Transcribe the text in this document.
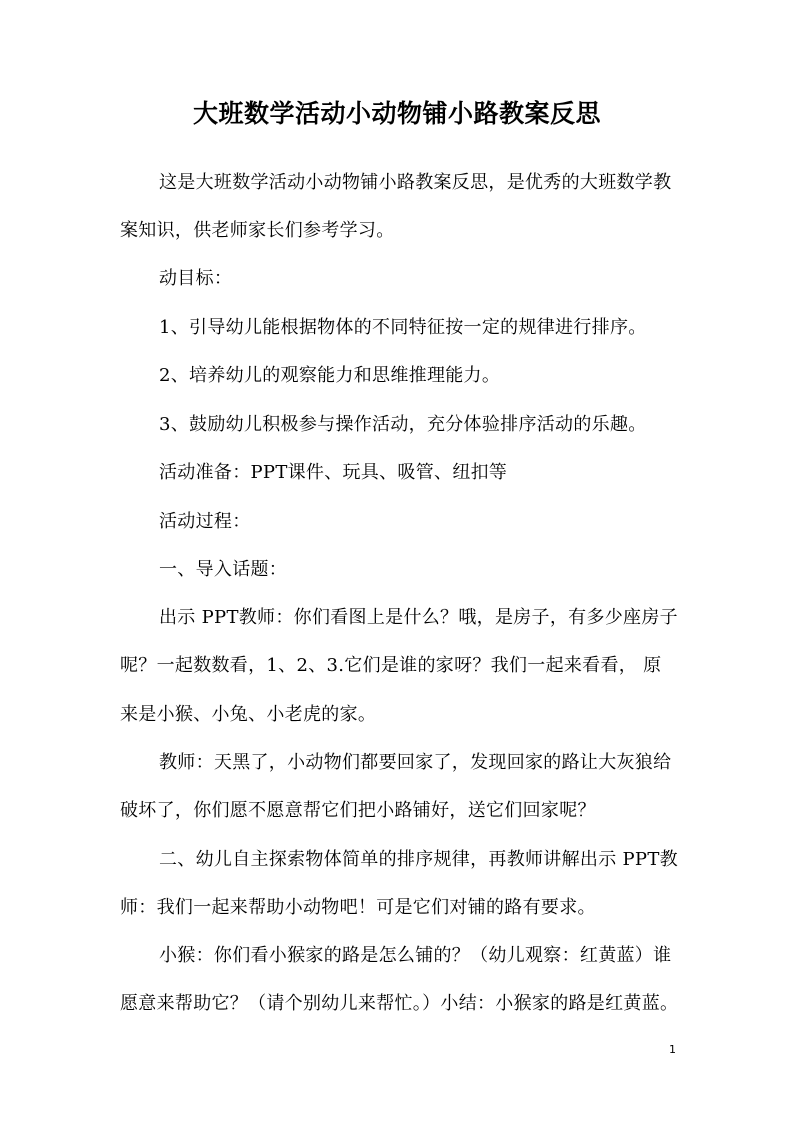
大班数学活动小动物铺小路教案反思
这是大班数学活动小动物铺小路教案反思，是优秀的大班数学教
案知识，供老师家长们参考学习。
动目标：
1、引导幼儿能根据物体的不同特征按一定的规律进行排序。
2、培养幼儿的观察能力和思维推理能力。
3、鼓励幼儿积极参与操作活动，充分体验排序活动的乐趣。
活动准备：PPT课件、玩具、吸管、纽扣等
活动过程：
一、导入话题：
出示 PPT教师：你们看图上是什么？哦，是房子，有多少座房子
呢？一起数数看，1、2、3.它们是谁的家呀？我们一起来看看， 原
来是小猴、小兔、小老虎的家。
教师：天黑了，小动物们都要回家了，发现回家的路让大灰狼给
破坏了，你们愿不愿意帮它们把小路铺好，送它们回家呢？
二、幼儿自主探索物体简单的排序规律，再教师讲解出示 PPT教
师：我们一起来帮助小动物吧！可是它们对铺的路有要求。
小猴：你们看小猴家的路是怎么铺的？（幼儿观察：红黄蓝）谁
愿意来帮助它？（请个别幼儿来帮忙。）小结：小猴家的路是红黄蓝。
1
